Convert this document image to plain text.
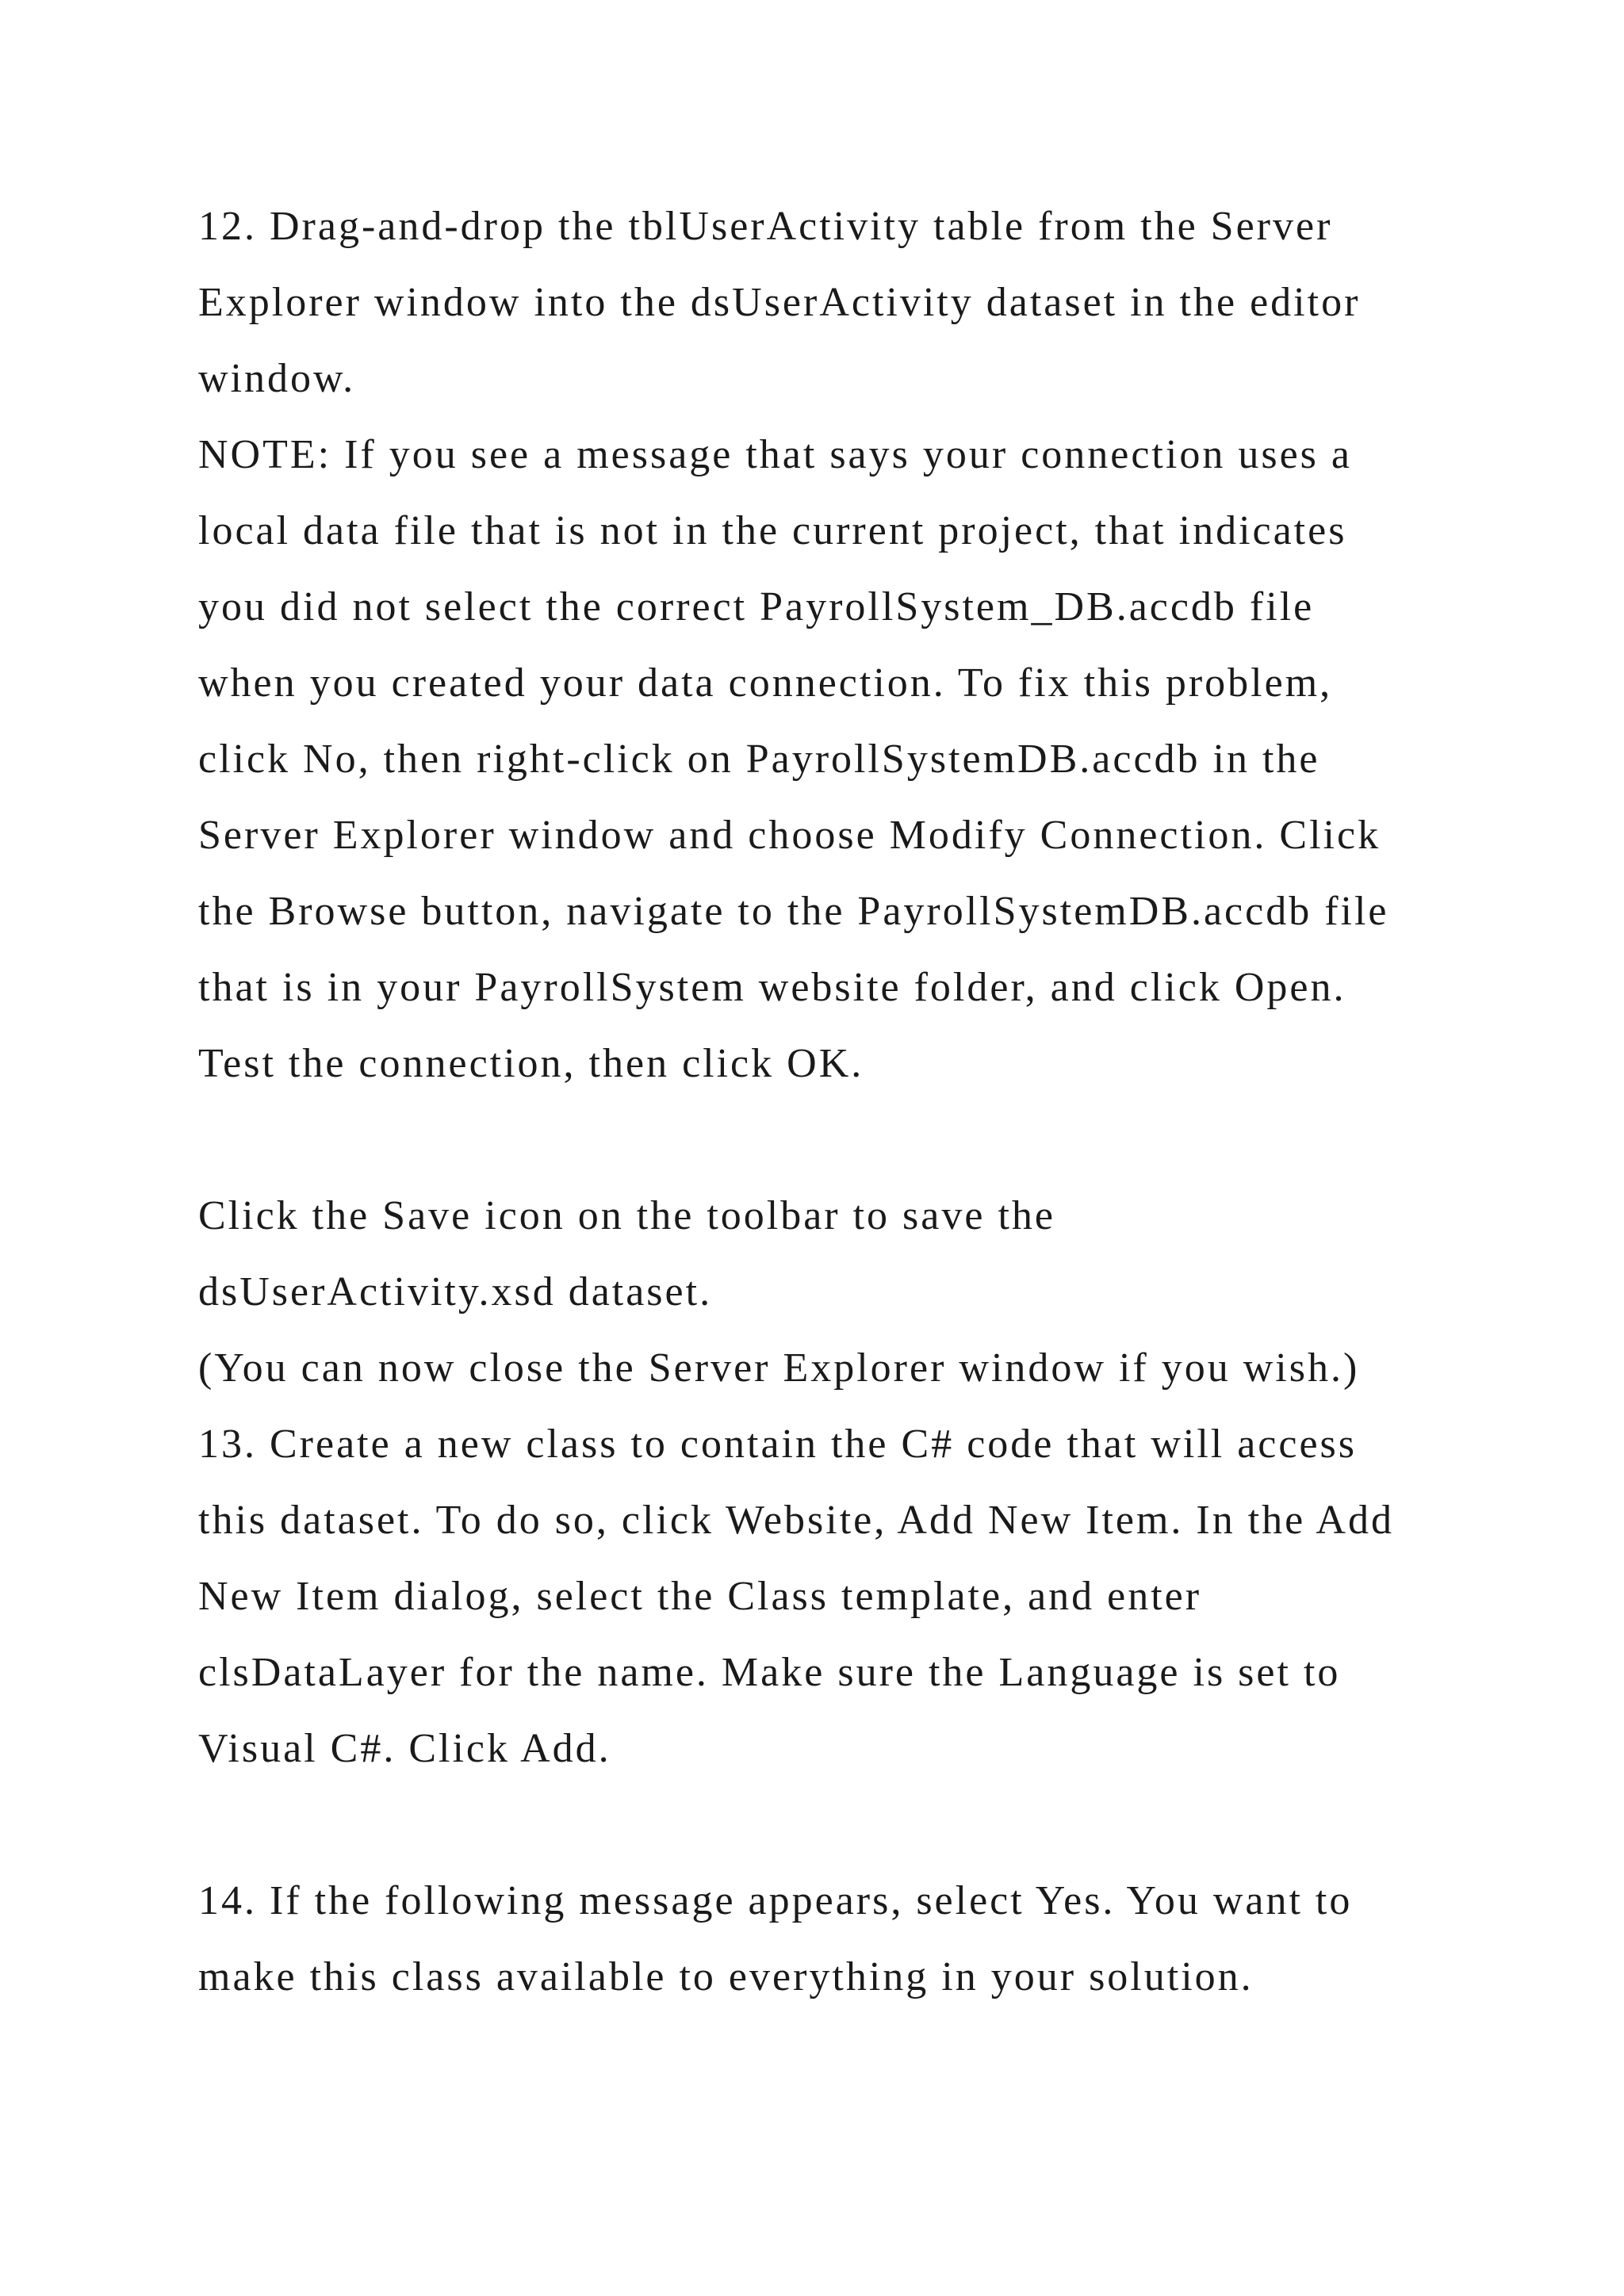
12. Drag-and-drop the tblUserActivity table from the Server
Explorer window into the dsUserActivity dataset in the editor
window.
NOTE: If you see a message that says your connection uses a
local data file that is not in the current project, that indicates
you did not select the correct PayrollSystem_DB.accdb file
when you created your data connection. To fix this problem,
click No, then right-click on PayrollSystemDB.accdb in the
Server Explorer window and choose Modify Connection. Click
the Browse button, navigate to the PayrollSystemDB.accdb file
that is in your PayrollSystem website folder, and click Open.
Test the connection, then click OK.
Click the Save icon on the toolbar to save the
dsUserActivity.xsd dataset.
(You can now close the Server Explorer window if you wish.)
13. Create a new class to contain the C# code that will access
this dataset. To do so, click Website, Add New Item. In the Add
New Item dialog, select the Class template, and enter
clsDataLayer for the name. Make sure the Language is set to
Visual C#. Click Add.
14. If the following message appears, select Yes. You want to
make this class available to everything in your solution.
